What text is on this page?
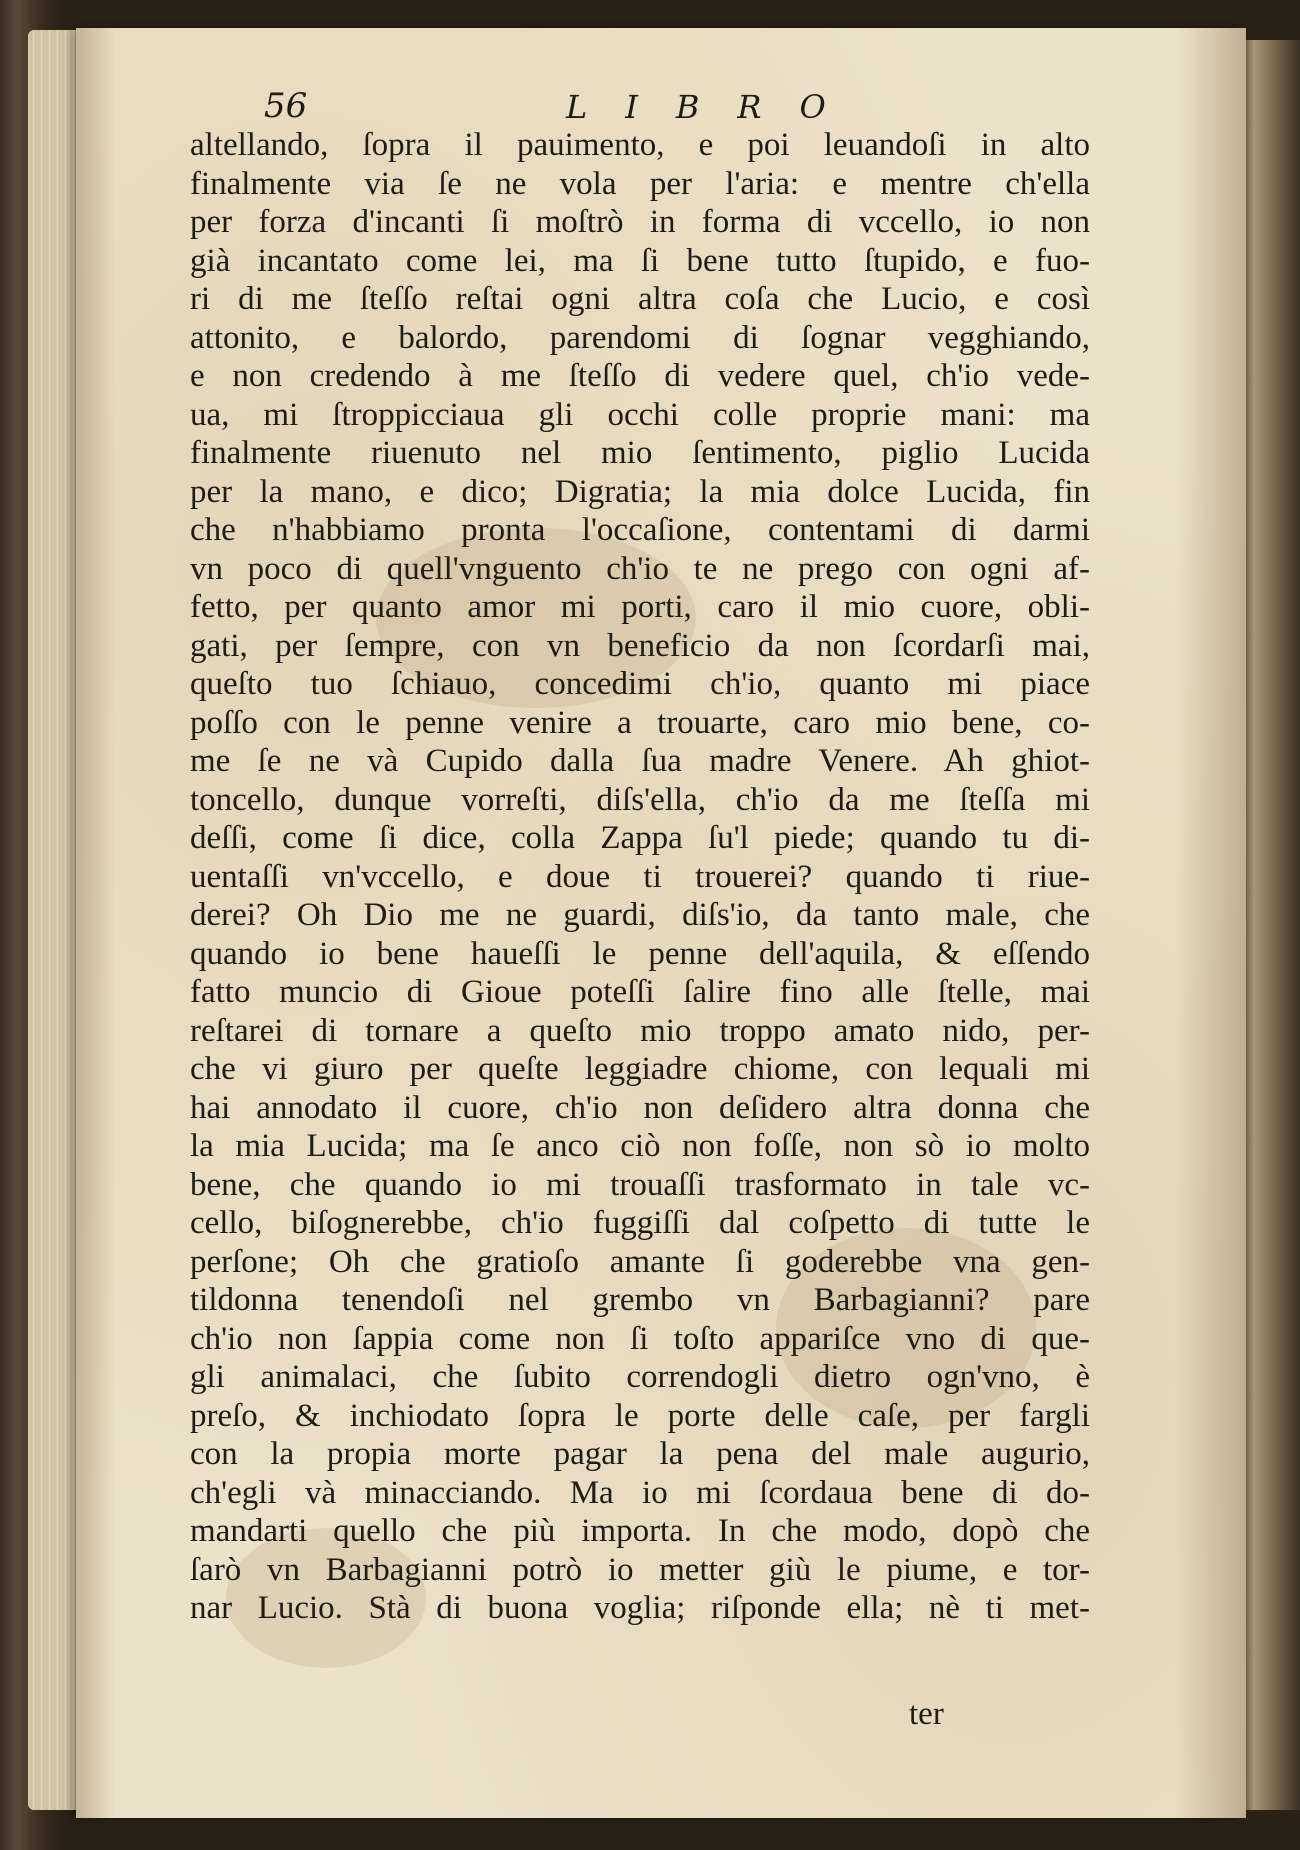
56	LIBRO
altellando, ſopra il pauimento, e poi leuandoſi in alto
finalmente via ſe ne vola per l'aria: e mentre ch'ella
per forza d'incanti ſi moſtrò in forma di vccello, io non
già incantato come lei, ma ſi bene tutto ſtupido, e fuo-
ri di me ſteſſo reſtai ogni altra coſa che Lucio, e così
attonito, e balordo, parendomi di ſognar vegghiando,
e non credendo à me ſteſſo di vedere quel, ch'io vede-
ua, mi ſtroppicciaua gli occhi colle proprie mani: ma
finalmente riuenuto nel mio ſentimento, piglio Lucida
per la mano, e dico; Digratia; la mia dolce Lucida, fin
che n'habbiamo pronta l'occaſione, contentami di darmi
vn poco di quell'vnguento ch'io te ne prego con ogni af-
fetto, per quanto amor mi porti, caro il mio cuore, obli-
gati, per ſempre, con vn beneficio da non ſcordarſi mai,
queſto tuo ſchiauo, concedimi ch'io, quanto mi piace
poſſo con le penne venire a trouarte, caro mio bene, co-
me ſe ne và Cupido dalla ſua madre Venere. Ah ghiot-
toncello, dunque vorreſti, diſs'ella, ch'io da me ſteſſa mi
deſſi, come ſi dice, colla Zappa ſu'l piede; quando tu di-
uentaſſi vn'vccello, e doue ti trouerei? quando ti riue-
derei? Oh Dio me ne guardi, diſs'io, da tanto male, che
quando io bene haueſſi le penne dell'aquila, & eſſendo
fatto muncio di Gioue poteſſi ſalire fino alle ſtelle, mai
reſtarei di tornare a queſto mio troppo amato nido, per-
che vi giuro per queſte leggiadre chiome, con lequali mi
hai annodato il cuore, ch'io non deſidero altra donna che
la mia Lucida; ma ſe anco ciò non foſſe, non sò io molto
bene, che quando io mi trouaſſi trasformato in tale vc-
cello, biſognerebbe, ch'io fuggiſſi dal coſpetto di tutte le
perſone; Oh che gratioſo amante ſi goderebbe vna gen-
tildonna tenendoſi nel grembo vn Barbagianni? pare
ch'io non ſappia come non ſi toſto appariſce vno di que-
gli animalaci, che ſubito correndogli dietro ogn'vno, è
preſo, & inchiodato ſopra le porte delle caſe, per fargli
con la propia morte pagar la pena del male augurio,
ch'egli và minacciando. Ma io mi ſcordaua bene di do-
mandarti quello che più importa. In che modo, dopò che
ſarò vn Barbagianni potrò io metter giù le piume, e tor-
nar Lucio. Stà di buona voglia; riſponde ella; nè ti met-
ter
